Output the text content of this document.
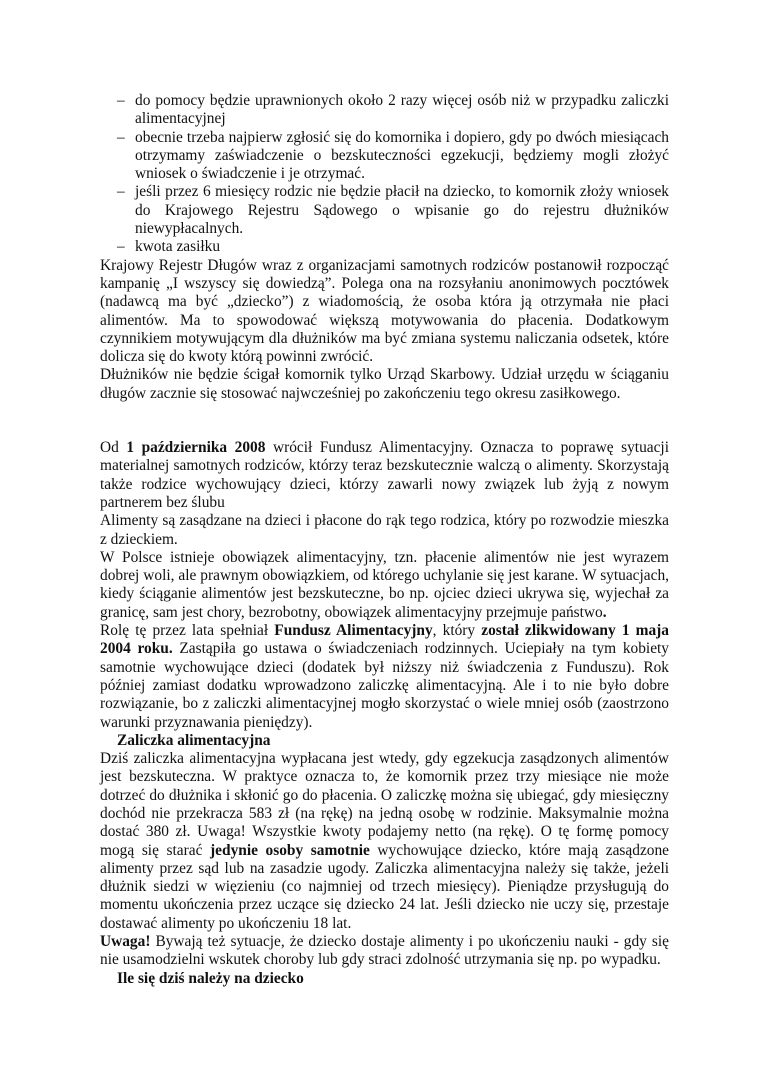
– do pomocy będzie uprawnionych około 2 razy więcej osób niż w przypadku zaliczki alimentacyjnej
– obecnie trzeba najpierw zgłosić się do komornika i dopiero, gdy po dwóch miesiącach otrzymamy zaświadczenie o bezskuteczności egzekucji, będziemy mogli złożyć wniosek o świadczenie i je otrzymać.
– jeśli przez 6 miesięcy rodzic nie będzie płacił na dziecko, to komornik złoży wniosek do Krajowego Rejestru Sądowego o wpisanie go do rejestru dłużników niewypłacalnych.
– kwota zasiłku

Krajowy Rejestr Długów wraz z organizacjami samotnych rodziców postanowił rozpocząć kampanię „I wszyscy się dowiedzą”. Polega ona na rozsyłaniu anonimowych pocztówek (nadawcą ma być „dziecko”) z wiadomością, że osoba która ją otrzymała nie płaci alimentów. Ma to spowodować większą motywowania do płacenia. Dodatkowym czynnikiem motywującym dla dłużników ma być zmiana systemu naliczania odsetek, które dolicza się do kwoty którą powinni zwrócić.

Dłużników nie będzie ścigał komornik tylko Urząd Skarbowy. Udział urzędu w ściąganiu długów zacznie się stosować najwcześniej po zakończeniu tego okresu zasiłkowego.

Od 1 października 2008 wrócił Fundusz Alimentacyjny. Oznacza to poprawę sytuacji materialnej samotnych rodziców, którzy teraz bezskutecznie walczą o alimenty. Skorzystają także rodzice wychowujący dzieci, którzy zawarli nowy związek lub żyją z nowym partnerem bez ślubu

Alimenty są zasądzane na dzieci i płacone do rąk tego rodzica, który po rozwodzie mieszka z dzieckiem.

W Polsce istnieje obowiązek alimentacyjny, tzn. płacenie alimentów nie jest wyrazem dobrej woli, ale prawnym obowiązkiem, od którego uchylanie się jest karane. W sytuacjach, kiedy ściąganie alimentów jest bezskuteczne, bo np. ojciec dzieci ukrywa się, wyjechał za granicę, sam jest chory, bezrobotny, obowiązek alimentacyjny przejmuje państwo.

Rolę tę przez lata spełniał Fundusz Alimentacyjny, który został zlikwidowany 1 maja 2004 roku. Zastąpiła go ustawa o świadczeniach rodzinnych. Uciepiały na tym kobiety samotnie wychowujące dzieci (dodatek był niższy niż świadczenia z Funduszu). Rok później zamiast dodatku wprowadzono zaliczkę alimentacyjną. Ale i to nie było dobre rozwiązanie, bo z zaliczki alimentacyjnej mogło skorzystać o wiele mniej osób (zaostrzono warunki przyznawania pieniędzy).

Zaliczka alimentacyjna

Dziś zaliczka alimentacyjna wypłacana jest wtedy, gdy egzekucja zasądzonych alimentów jest bezskuteczna. W praktyce oznacza to, że komornik przez trzy miesiące nie może dotrzeć do dłużnika i skłonić go do płacenia. O zaliczkę można się ubiegać, gdy miesięczny dochód nie przekracza 583 zł (na rękę) na jedną osobę w rodzinie. Maksymalnie można dostać 380 zł. Uwaga! Wszystkie kwoty podajemy netto (na rękę). O tę formę pomocy mogą się starać jedynie osoby samotnie wychowujące dziecko, które mają zasądzone alimenty przez sąd lub na zasadzie ugody. Zaliczka alimentacyjna należy się także, jeżeli dłużnik siedzi w więzieniu (co najmniej od trzech miesięcy). Pieniądze przysługują do momentu ukończenia przez uczące się dziecko 24 lat. Jeśli dziecko nie uczy się, przestaje dostawać alimenty po ukończeniu 18 lat.

Uwaga! Bywają też sytuacje, że dziecko dostaje alimenty i po ukończeniu nauki - gdy się nie usamodzielni wskutek choroby lub gdy straci zdolność utrzymania się np. po wypadku.

Ile się dziś należy na dziecko
